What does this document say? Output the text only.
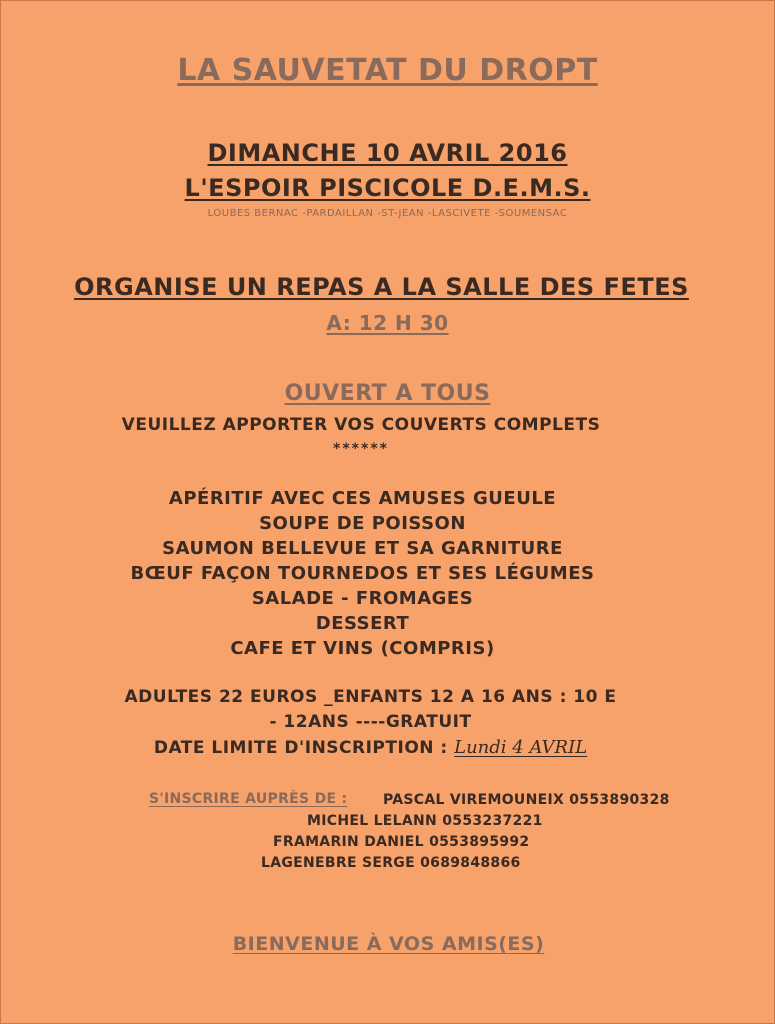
LA SAUVETAT DU DROPT
DIMANCHE 10 AVRIL 2016
L'ESPOIR PISCICOLE D.E.M.S.
LOUBES BERNAC -PARDAILLAN -ST-JEAN -LASCIVETE -SOUMENSAC
ORGANISE UN REPAS A LA SALLE DES FETES
A: 12 H 30
OUVERT A TOUS
VEUILLEZ APPORTER VOS COUVERTS COMPLETS
******
APÉRITIF AVEC CES AMUSES GUEULE
SOUPE DE POISSON
SAUMON BELLEVUE ET SA GARNITURE
BŒUF FAÇON TOURNEDOS ET SES LÉGUMES
SALADE - FROMAGES
DESSERT
CAFE ET VINS (COMPRIS)
ADULTES 22 EUROS _ENFANTS 12 A 16 ANS : 10 E
- 12ANS ----GRATUIT
DATE LIMITE D'INSCRIPTION : Lundi 4 AVRIL
S'INSCRIRE AUPRÈS DE :	PASCAL VIREMOUNEIX 0553890328
MICHEL LELANN 0553237221
FRAMARIN DANIEL 0553895992
LAGENEBRE SERGE 0689848866
BIENVENUE À VOS AMIS(ES)
